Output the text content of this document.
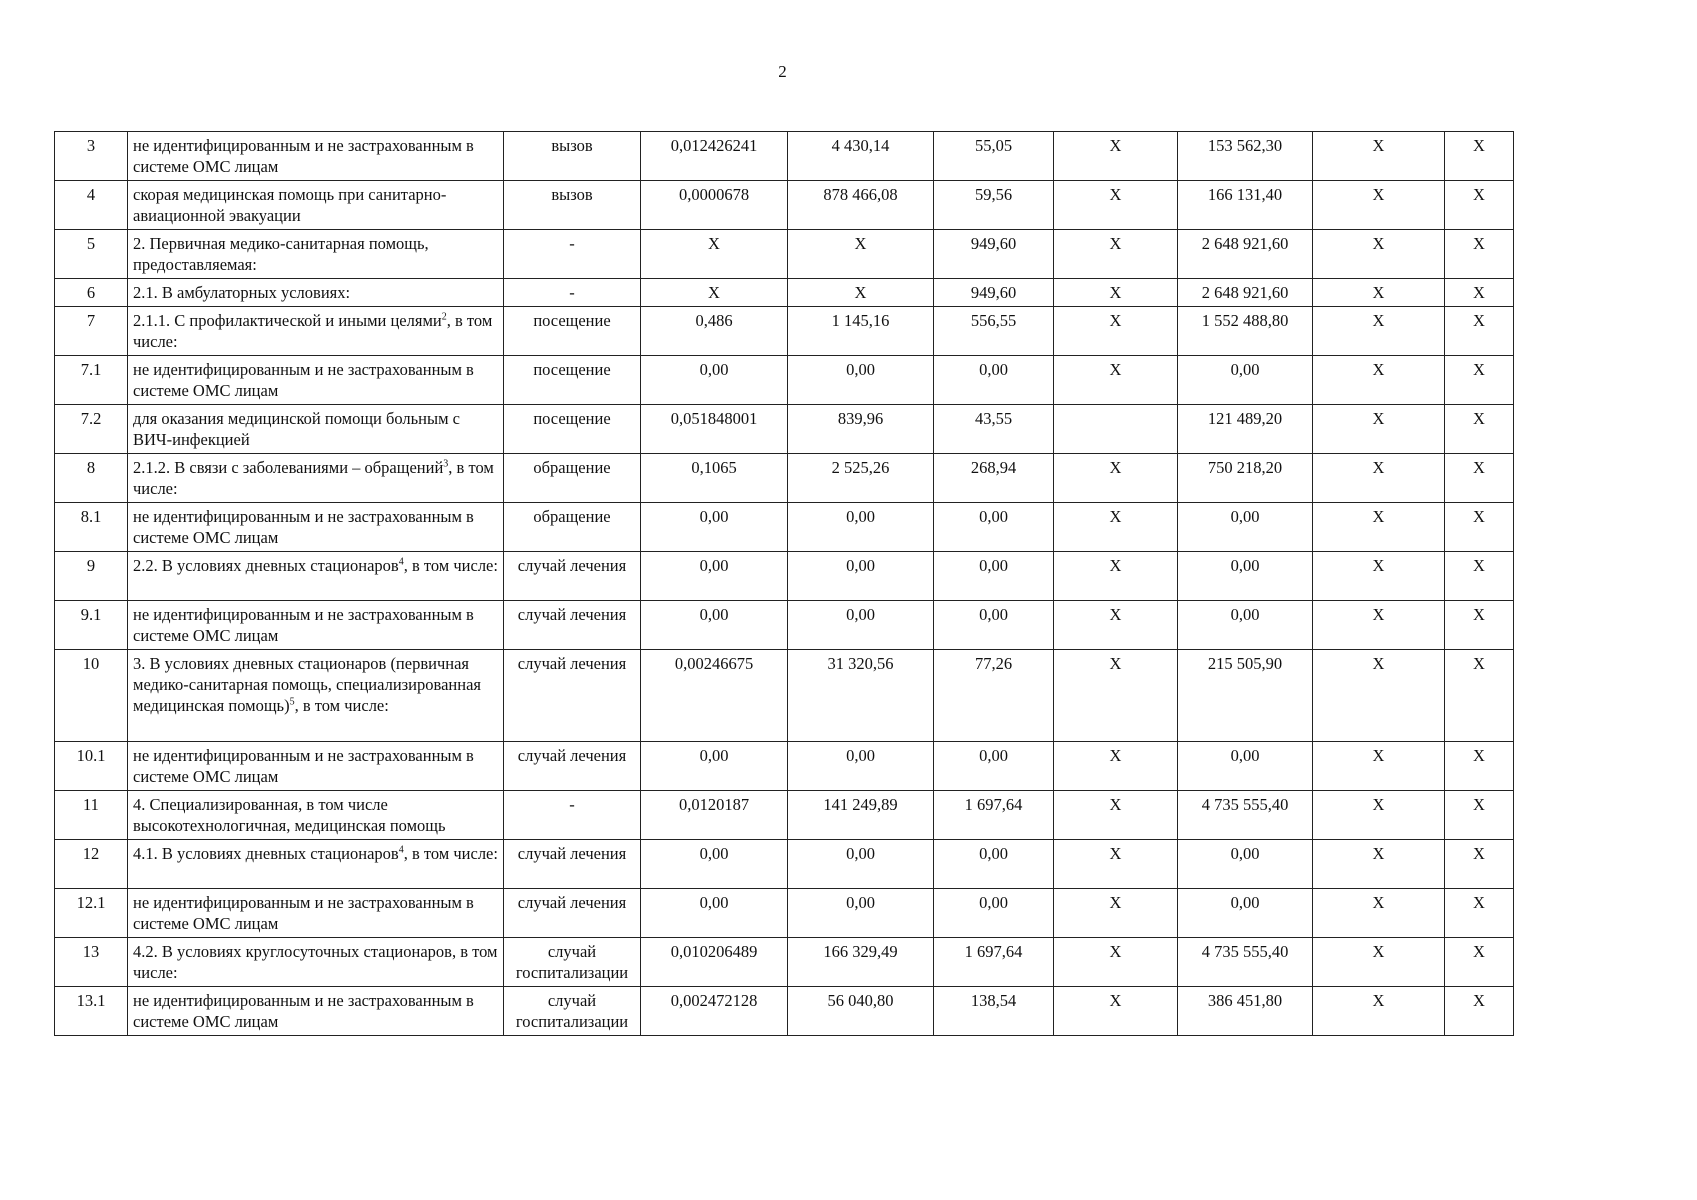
2
3	не идентифицированным и не застрахованным в системе ОМС лицам	вызов	0,012426241	4 430,14	55,05	X	153 562,30	X	X
4	скорая медицинская помощь при санитарно-авиационной эвакуации	вызов	0,0000678	878 466,08	59,56	X	166 131,40	X	X
5	2. Первичная медико-санитарная помощь, предоставляемая:	-	X	X	949,60	X	2 648 921,60	X	X
6	2.1. В амбулаторных условиях:	-	X	X	949,60	X	2 648 921,60	X	X
7	2.1.1. С профилактической и иными целями$^2$, в том числе:	посещение	0,486	1 145,16	556,55	X	1 552 488,80	X	X
7.1	не идентифицированным и не застрахованным в системе ОМС лицам	посещение	0,00	0,00	0,00	X	0,00	X	X
7.2	для оказания медицинской помощи больным с ВИЧ-инфекцией	посещение	0,051848001	839,96	43,55		121 489,20	X	X
8	2.1.2. В связи с заболеваниями – обращений$^3$, в том числе:	обращение	0,1065	2 525,26	268,94	X	750 218,20	X	X
8.1	не идентифицированным и не застрахованным в системе ОМС лицам	обращение	0,00	0,00	0,00	X	0,00	X	X
9	2.2. В условиях дневных стационаров$^4$, в том числе:	случай лечения	0,00	0,00	0,00	X	0,00	X	X
9.1	не идентифицированным и не застрахованным в системе ОМС лицам	случай лечения	0,00	0,00	0,00	X	0,00	X	X
10	3. В условиях дневных стационаров (первичная медико-санитарная помощь, специализированная медицинская помощь)$^5$, в том числе:	случай лечения	0,00246675	31 320,56	77,26	X	215 505,90	X	X
10.1	не идентифицированным и не застрахованным в системе ОМС лицам	случай лечения	0,00	0,00	0,00	X	0,00	X	X
11	4. Специализированная, в том числе высокотехнологичная, медицинская помощь	-	0,0120187	141 249,89	1 697,64	X	4 735 555,40	X	X
12	4.1. В условиях дневных стационаров$^4$, в том числе:	случай лечения	0,00	0,00	0,00	X	0,00	X	X
12.1	не идентифицированным и не застрахованным в системе ОМС лицам	случай лечения	0,00	0,00	0,00	X	0,00	X	X
13	4.2. В условиях круглосуточных стационаров, в том числе:	случай госпитализации	0,010206489	166 329,49	1 697,64	X	4 735 555,40	X	X
13.1	не идентифицированным и не застрахованным в системе ОМС лицам	случай госпитализации	0,002472128	56 040,80	138,54	X	386 451,80	X	X
